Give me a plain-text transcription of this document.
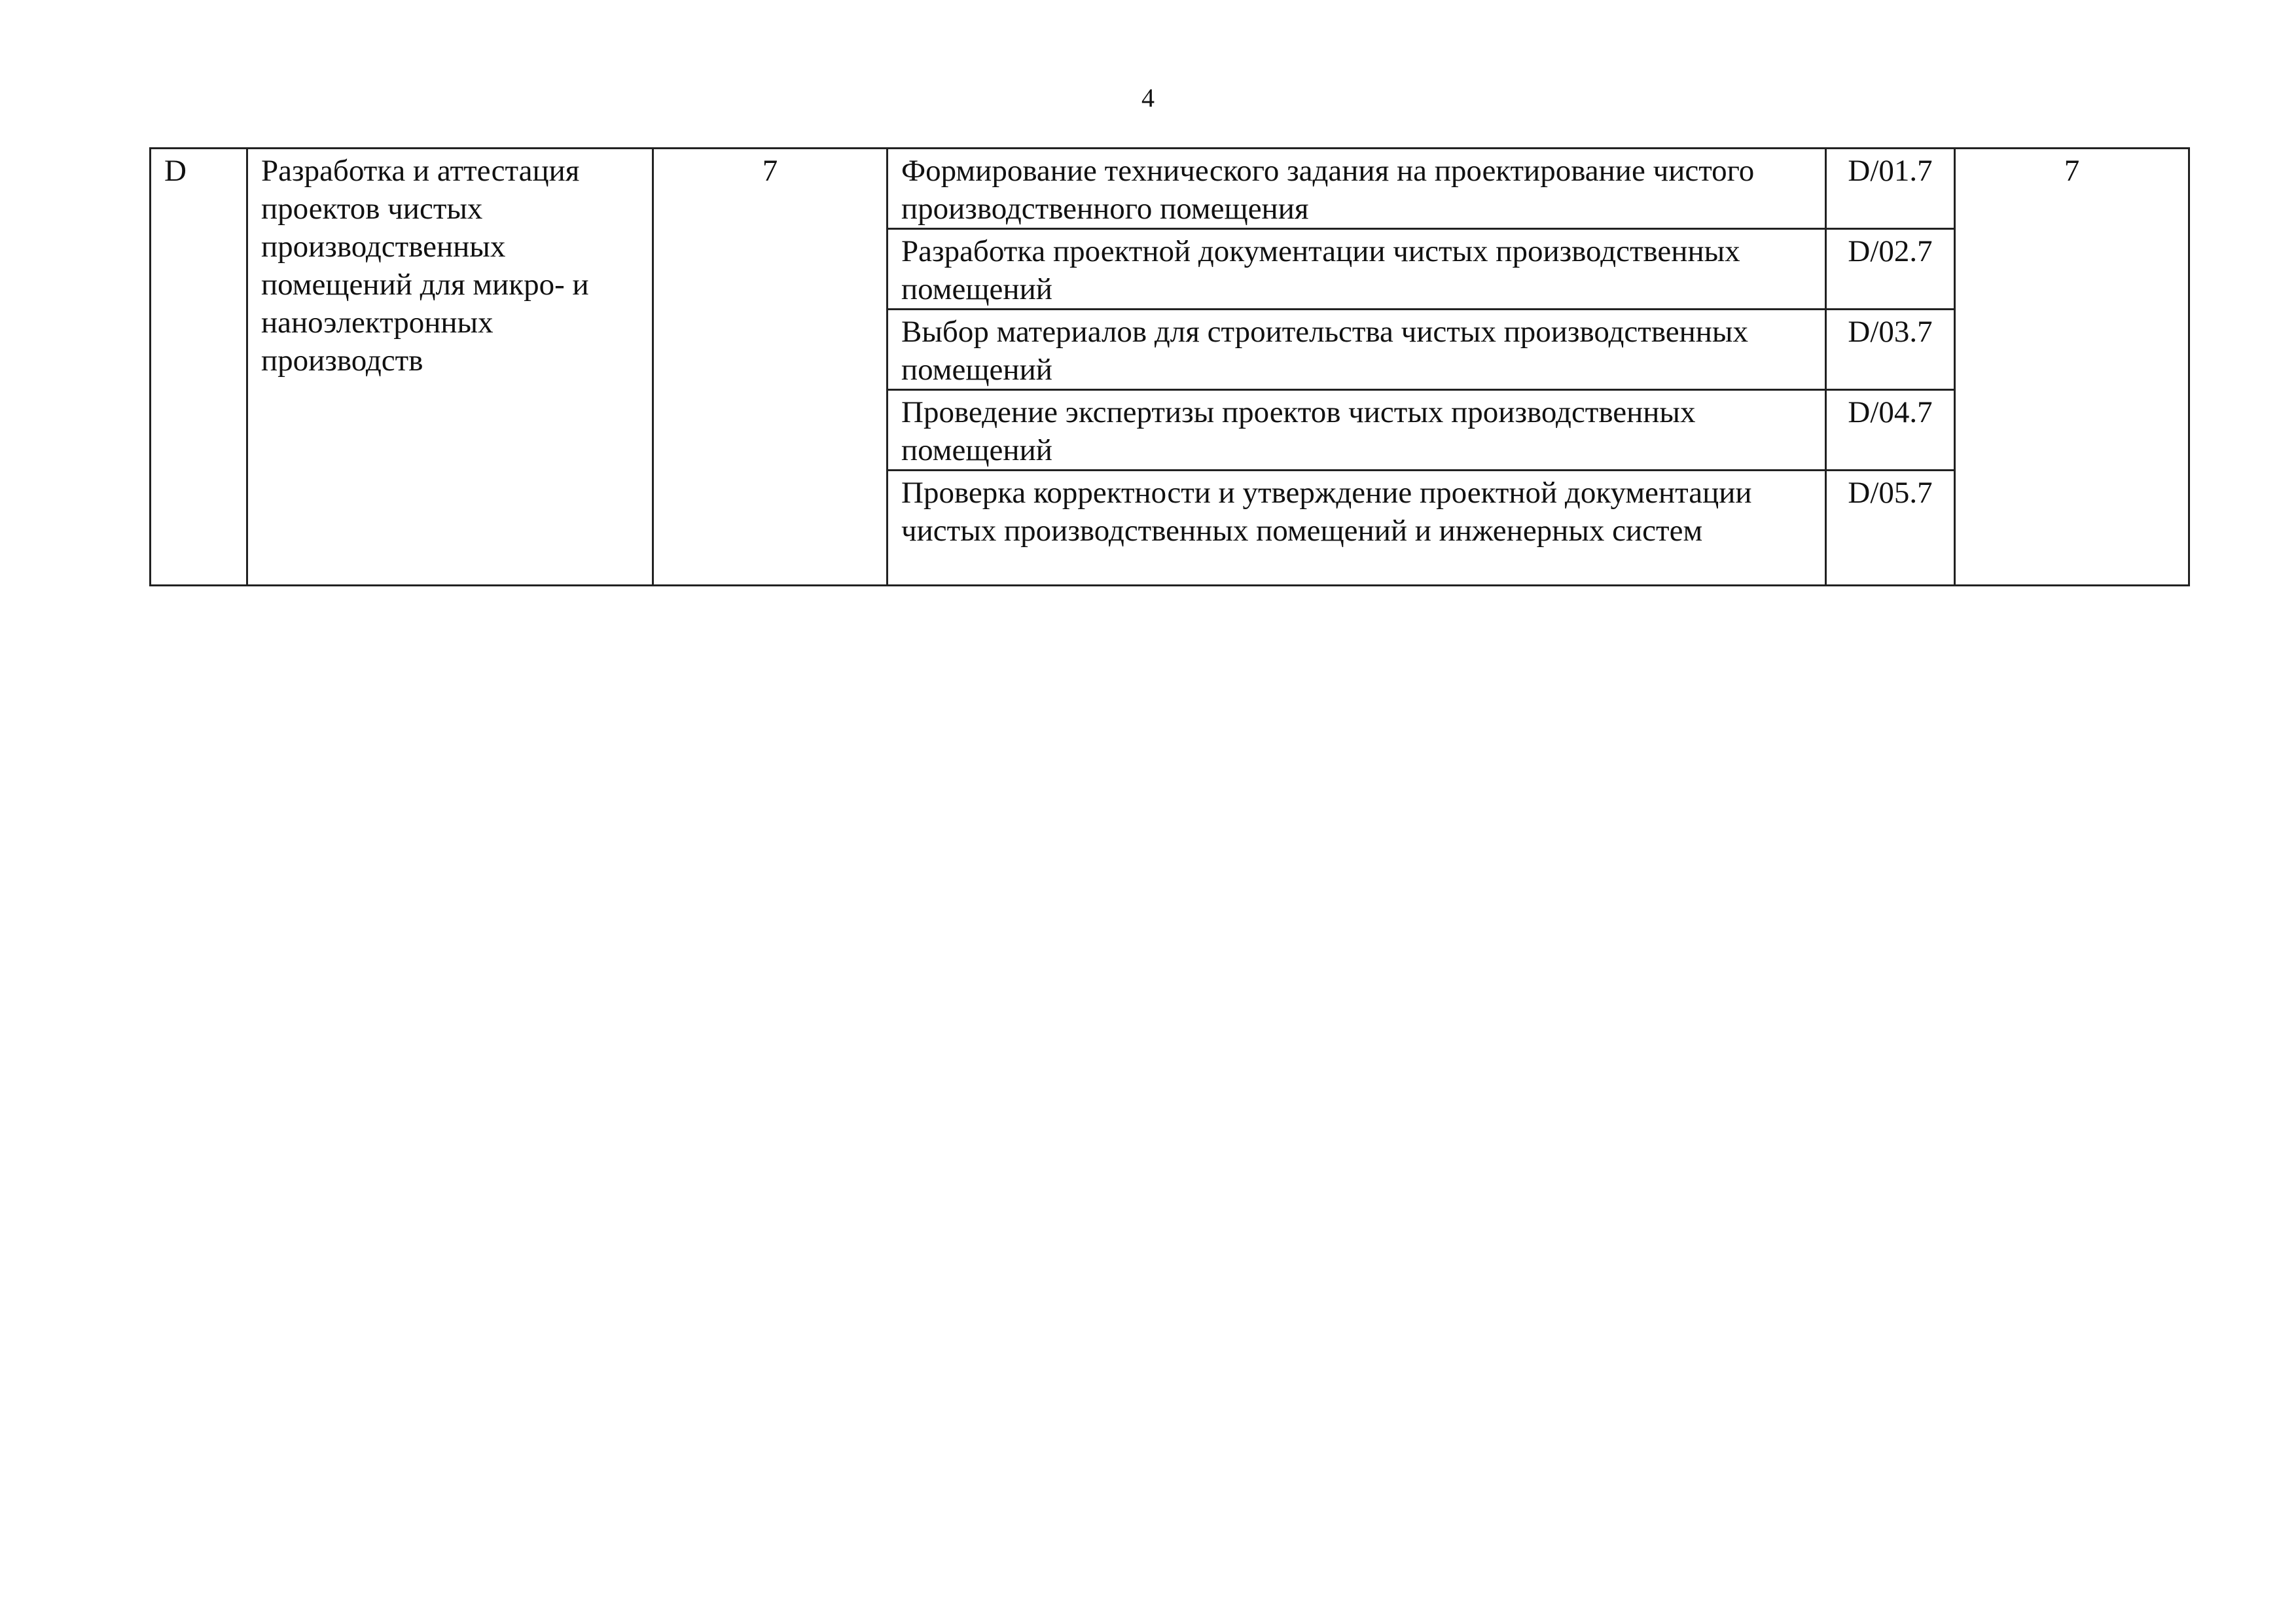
4
D	Разработка и аттестация проектов чистых производственных помещений для микро- и наноэлектронных производств	7	Формирование технического задания на проектирование чистого производственного помещения	D/01.7	7
			Разработка проектной документации чистых производственных помещений	D/02.7	
			Выбор материалов для строительства чистых производственных помещений	D/03.7	
			Проведение экспертизы проектов чистых производственных помещений	D/04.7	
			Проверка корректности и утверждение проектной документации чистых производственных помещений и инженерных систем	D/05.7	
